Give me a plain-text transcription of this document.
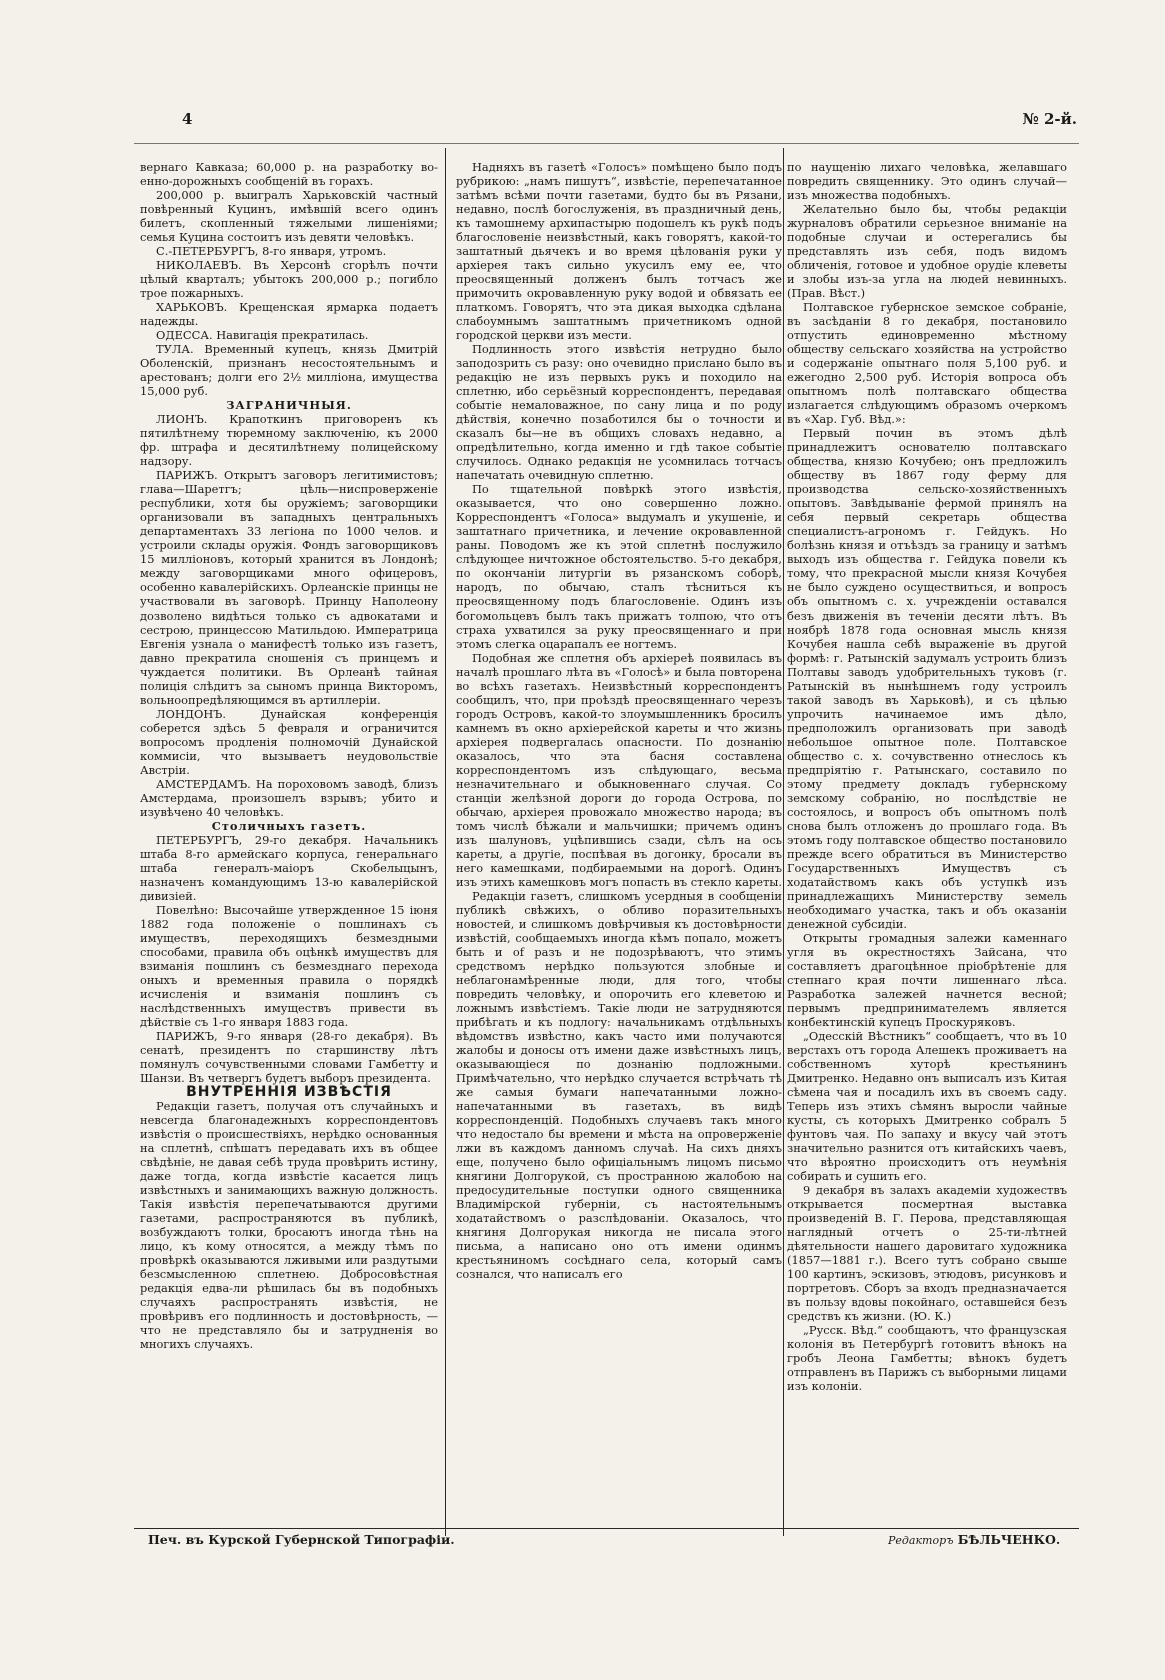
4	№ 2-й.

вернаго Кавказа; 60,000 р. на разработку во-енно-дорожныхъ сообщеній въ горахъ.

200,000 р. выигралъ Харьковскій частный повѣренный Куцинъ, имѣвшій всего одинъ билетъ, скопленный тяжелыми лишеніями; семья Куцина состоитъ изъ девяти человѣкъ.

С.-ПЕТЕРБУРГЪ, 8-го января, утромъ.

НИКОЛАЕВЪ. Въ Херсонѣ сгорѣлъ почти цѣлый кварталъ; убытокъ 200,000 р.; погибло трое пожарныхъ.

ХАРЬКОВЪ. Крещенская ярмарка подаетъ надежды.

ОДЕССА. Навигація прекратилась.

ТУЛА. Временный купецъ, князь Дмитрій Оболенскій, признанъ несостоятельнымъ и арестованъ; долги его 2½ милліона, имущества 15,000 руб.

ЗАГРАНИЧНЫЯ.

ЛИОНЪ. Крапоткинъ приговоренъ къ пятилѣтнему тюремному заключенію, къ 2000 фр. штрафа и десятилѣтнему полицейскому надзору.

ПАРИЖЪ. Открытъ заговоръ легитимистовъ; глава—Шаретгъ; цѣль—ниспроверженіе республики, хотя бы оружіемъ; заговорщики организовали въ западныхъ центральныхъ департаментахъ 33 легіона по 1000 челов. и устроили склады оружія. Фондъ заговорщиковъ 15 милліоновъ, который хранится въ Лондонѣ; между заговорщиками много офицеровъ, особенно кавалерійскихъ. Орлеанскіе принцы не участвовали въ заговорѣ. Принцу Наполеону дозволено видѣться только съ адвокатами и сестрою, принцессою Матильдою. Императрица Евгенія узнала о манифестѣ только изъ газетъ, давно прекратила сношенія съ принцемъ и чуждается политики. Въ Орлеанѣ тайная полиція слѣдитъ за сыномъ принца Викторомъ, вольноопредѣляющимся въ артиллеріи.

ЛОНДОНЪ. Дунайская конференція соберется здѣсь 5 февраля и ограничится вопросомъ продленія полномочій Дунайской коммисіи, что вызываетъ неудовольствіе Австріи.

АМСТЕРДАМЪ. На пороховомъ заводѣ, близъ Амстердама, произошелъ взрывъ; убито и изувѣчено 40 человѣкъ.

Столичныхъ газетъ.

ПЕТЕРБУРГЪ, 29-го декабря. Начальникъ штаба 8-го армейскаго корпуса, генеральнаго штаба генералъ-маіоръ Скобелыцынъ, назначенъ командующимъ 13-ю кавалерійской дивизіей.

Повелѣно: Высочайше утвержденное 15 іюня 1882 года положеніе о пошлинахъ съ имуществъ, переходящихъ безмездными способами, правила объ оцѣнкѣ имуществъ для взиманія пошлинъ съ безмезднаго перехода оныхъ и временныя правила о порядкѣ исчисленія и взиманія пошлинъ съ наслѣдственныхъ имуществъ привести въ дѣйствіе съ 1-го января 1883 года.

ПАРИЖЪ, 9-го января (28-го декабря). Въ сенатѣ, президентъ по старшинству лѣтъ помянулъ сочувственными словами Гамбетту и Шанзи. Въ четвергъ будетъ выборъ президента.

ВНУТРЕННІЯ ИЗВѢСТІЯ

Редакціи газетъ, получая отъ случайныхъ и невсегда благонадежныхъ корреспондентовъ извѣстія о происшествіяхъ, нерѣдко основанныя на сплетнѣ, спѣшатъ передавать ихъ въ общее свѣдѣніе, не давая себѣ труда провѣрить истину, даже тогда, когда извѣстіе касается лицъ извѣстныхъ и занимающихъ важную должность. Такія извѣстія перепечатываются другими газетами, распространяются въ публикѣ, возбуждаютъ толки, бросаютъ иногда тѣнь на лицо, къ кому относятся, а между тѣмъ по провѣркѣ оказываются лживыми или раздутыми безсмысленною сплетнею. Добросовѣстная редакція едва-ли рѣшилась бы въ подобныхъ случаяхъ распространять извѣстія, не провѣривъ его подлинность и достовѣрность, —что не представляло бы и затрудненія во многихъ случаяхъ.

Надняхъ въ газетѣ «Голосъ» помѣщено было подъ рубрикою: „намъ пишутъ“, извѣстіе, перепечатанное затѣмъ всѣми почти газетами, будто бы въ Рязани, недавно, послѣ богослуженія, въ праздничный день, къ тамошнему архипастырю подошелъ къ рукѣ подъ благословеніе неизвѣстный, какъ говорятъ, какой-то заштатный дьячекъ и во время цѣлованія руки у архіерея такъ сильно укусилъ ему ее, что преосвященный долженъ былъ тотчасъ же примочить окровавленную руку водой и обвязать ее платкомъ. Говорятъ, что эта дикая выходка сдѣлана слабоумнымъ заштатнымъ причетникомъ одной городской церкви изъ мести.

Подлинность этого извѣстія нетрудно было заподозрить съ разу: оно очевидно прислано было въ редакцію не изъ первыхъ рукъ и походило на сплетню, ибо серьёзный корреспондентъ, передавая событіе немаловажное, по сану лица и по роду дѣйствія, конечно позаботился бы о точности и сказалъ бы—не въ общихъ словахъ недавно, а опредѣлительно, когда именно и гдѣ такое событіе случилось. Однако редакція не усомнилась тотчасъ напечатать очевидную сплетню.

По тщательной повѣркѣ этого извѣстія, оказывается, что оно совершенно ложно. Корреспондентъ «Голоса» выдумалъ и укушеніе, и заштатнаго причетника, и лечение окровавленной раны. Поводомъ же къ этой сплетнѣ послужило слѣдующее ничтожное обстоятельство. 5-го декабря, по окончаніи литургіи въ рязанскомъ соборѣ, народъ, по обычаю, сталъ тѣсниться къ преосвященному подъ благословеніе. Одинъ изъ богомольцевъ былъ такъ прижатъ толпою, что отъ страха ухватился за руку преосвященнаго и при этомъ слегка оцарапалъ ее ногтемъ.

Подобная же сплетня объ архіереѣ появилась въ началѣ прошлаго лѣта въ «Голосѣ» и была повторена во всѣхъ газетахъ. Неизвѣстный корреспондентъ сообщилъ, что, при проѣздѣ преосвященнаго черезъ городъ Островъ, какой-то злоумышленникъ бросилъ камнемъ въ окно архіерейской кареты и что жизнь архіерея подвергалась опасности. По дознанію оказалось, что эта басня составлена корреспондентомъ изъ слѣдующаго, весьма незначительнаго и обыкновеннаго случая. Со станціи желѣзной дороги до города Острова, по обычаю, архіерея провожало множество народа; въ томъ числѣ бѣжали и мальчишки; причемъ одинъ изъ шалуновъ, уцѣпившись сзади, сѣлъ на ось кареты, а другіе, поспѣвая въ догонку, бросали въ него камешками, подбираемыми на дорогѣ. Одинъ изъ этихъ камешковъ могъ попасть въ стекло кареты.

Редакціи газетъ, слишкомъ усердныя в сообщеніи публикѣ свѣжихъ, о обливо поразительныхъ новостей, и слишкомъ довѣрчивыя къ достовѣрности извѣстій, сообщаемыхъ иногда кѣмъ попало, можетъ быть и of разъ и не подозрѣваютъ, что этимъ средствомъ нерѣдко пользуются злобные и неблагонамѣренные люди, для того, чтобы повредить человѣку, и опорочить его клеветою и ложнымъ извѣстіемъ. Такіе люди не затрудняются прибѣгать и къ подлогу: начальникамъ отдѣльныхъ вѣдомствъ извѣстно, какъ часто ими получаются жалобы и доносы отъ имени даже извѣстныхъ лицъ, оказывающіеся по дознанію подложными. Примѣчательно, что нерѣдко случается встрѣчать тѣ же самыя бумаги напечатанными ложно-напечатанными въ газетахъ, въ видѣ корреспонденцій. Подобныхъ случаевъ такъ много что недостало бы времени и мѣста на опроверженіе лжи въ каждомъ данномъ случаѣ. На сихъ дняхъ еще, получено было офиціальнымъ лицомъ письмо княгини Долгорукой, съ пространною жалобою на предосудительные поступки одного священника Владимірской губерніи, съ настоятельнымъ ходатайствомъ о разслѣдованіи. Оказалось, что княгиня Долгорукая никогда не писала этого письма, а написано оно отъ имени одинмъ крестьяниномъ сосѣднаго села, который самъ сознался, что написалъ его

по наущенію лихаго человѣка, желавшаго повредить священнику. Это одинъ случай—изъ множества подобныхъ.

Желательно было бы, чтобы редакціи журналовъ обратили серьезное вниманіе на подобные случаи и остерегались бы представлять изъ себя, подъ видомъ обличенія, готовое и удобное орудіе клеветы и злобы изъ-за угла на людей невинныхъ. (Прав. Вѣст.)

Полтавское губернское земское собраніе, въ засѣданіи 8 го декабря, постановило отпустить единовременно мѣстному обществу сельскаго хозяйства на устройство и содержаніе опытнаго поля 5,100 руб. и ежегодно 2,500 руб. Исторія вопроса объ опытномъ полѣ полтавскаго общества излагается слѣдующимъ образомъ очеркомъ въ «Хар. Губ. Вѣд.»:

Первый почин въ этомъ дѣлѣ принадлежитъ основателю полтавскаго общества, князю Кочубею; онъ предложилъ обществу въ 1867 году ферму для производства сельско-хозяйственныхъ опытовъ. Завѣдываніе фермой принялъ на себя первый секретарь общества специалистъ-агрономъ г. Гейдукъ. Но болѣзнь князя и отъѣздъ за границу и затѣмъ выходъ изъ общества г. Гейдука повели къ тому, что прекрасной мысли князя Кочубея не было суждено осуществиться, и вопросъ объ опытномъ с. х. учрежденіи оставался безъ движенія въ теченіи десяти лѣтъ. Въ ноябрѣ 1878 года основная мысль князя Кочубея нашла себѣ выраженіе въ другой формѣ: г. Ратынскій задумалъ устроить близъ Полтавы заводъ удобрительныхъ туковъ (г. Ратынскій въ нынѣшнемъ году устроилъ такой заводъ въ Харьковѣ), и съ цѣлью упрочить начинаемое имъ дѣло, предположилъ организовать при заводѣ небольшое опытное поле. Полтавское общество с. х. сочувственно отнеслось къ предпріятію г. Ратынскаго, составило по этому предмету докладъ губернскому земскому собранію, но послѣдствіе не состоялось, и вопросъ объ опытномъ полѣ снова былъ отложенъ до прошлаго года. Въ этомъ году полтавское общество постановило прежде всего обратиться въ Министерство Государственныхъ Имуществъ съ ходатайствомъ какъ объ уступкѣ изъ принадлежащихъ Министерству земель необходимаго участка, такъ и объ оказаніи денежной субсидіи.

Открыты громадныя залежи каменнаго угля въ окрестностяхъ Зайсана, что составляетъ драгоцѣнное пріобрѣтеніе для степнаго края почти лишеннаго лѣса. Разработка залежей начнется весной; первымъ предпринимателемъ является конбектинскій купецъ Проскуряковъ.

„Одесскій Вѣстникъ“ сообщаетъ, что въ 10 верстахъ отъ города Алешекъ проживаетъ на собственномъ хуторѣ крестьянинъ Дмитренко. Недавно онъ выписалъ изъ Китая сѣмена чая и посадилъ ихъ въ своемъ саду. Теперь изъ этихъ сѣмянъ выросли чайные кусты, съ которыхъ Дмитренко собралъ 5 фунтовъ чая. По запаху и вкусу чай этотъ значительно разнится отъ китайскихъ чаевъ, что вѣроятно происходитъ отъ неумѣнія собирать и сушить его.

9 декабря въ залахъ академіи художествъ открывается посмертная выставка произведеній В. Г. Перова, представляющая наглядный отчетъ о 25-ти-лѣтней дѣятельности нашего даровитаго художника (1857—1881 г.). Всего тутъ собрано свыше 100 картинъ, эскизовъ, этюдовъ, рисунковъ и портретовъ. Сборъ за входъ предназначается въ пользу вдовы покойнаго, оставшейся безъ средствъ къ жизни. (Ю. К.)

„Русск. Вѣд.“ сообщаютъ, что французская колонія въ Петербургѣ готовитъ вѣнокъ на гробъ Леона Гамбетты; вѣнокъ будетъ отправленъ въ Парижъ съ выборными лицами изъ колоніи.

Печ. въ Курской Губернской Типографіи.	Редакторъ БѢЛЬЧЕНКО.
